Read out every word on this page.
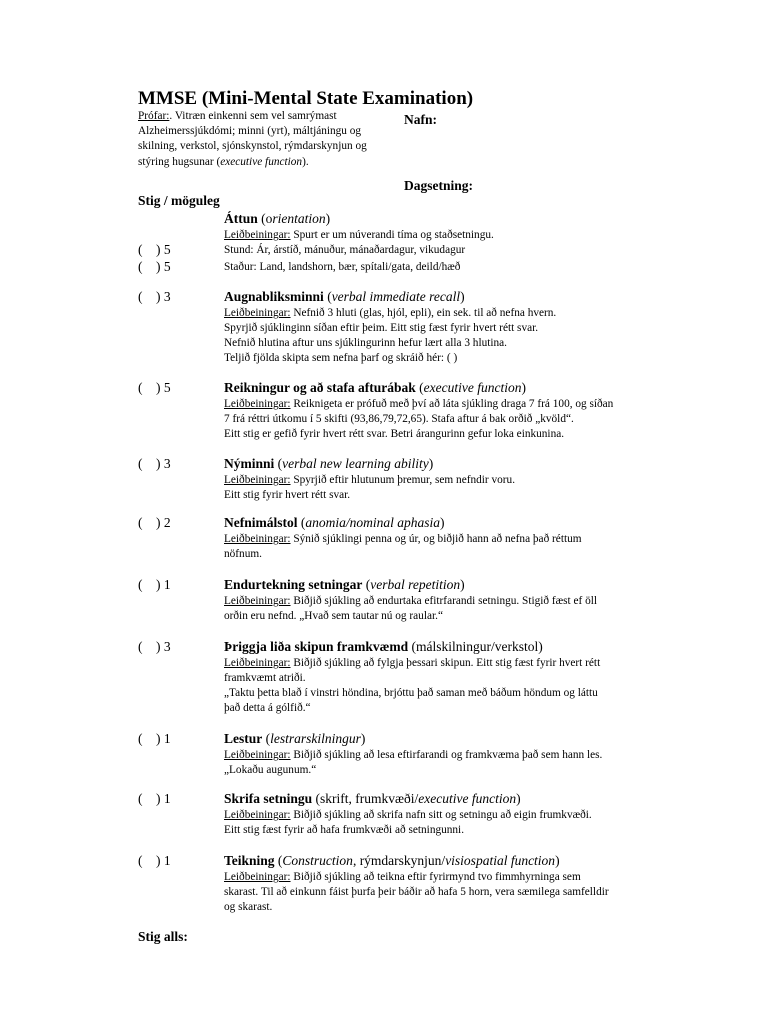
MMSE (Mini-Mental State Examination)
Prófar:. Vitræn einkenni sem vel samrýmast Alzheimerssjúkdómi; minni (yrt), máltjáningu og skilning, verkstol, sjónskynstol, rýmdarskynjun og stýring hugsunar (executive function).
Nafn:
Dagsetning:
Stig / möguleg
Áttun (orientation)
Leiðbeiningar: Spurt er um núverandi tíma og staðsetningu.
(    ) 5	Stund: Ár, árstíð, mánuður, mánaðardagur, vikudagur
(    ) 5	Staður: Land, landshorn, bær, spítali/gata, deild/hæð
(    ) 3	Augnabliksminni (verbal immediate recall)
Leiðbeiningar: Nefnið 3 hluti (glas, hjól, epli), ein sek. til að nefna hvern.
Spyrjið sjúklinginn síðan eftir þeim. Eitt stig fæst fyrir hvert rétt svar.
Nefnið hlutina aftur uns sjúklingurinn hefur lært alla 3 hlutina.
Teljið fjölda skipta sem nefna þarf og skráið hér: ( )
(    ) 5	Reikningur og að stafa afturábak (executive function)
Leiðbeiningar: Reiknigeta er prófuð með því að láta sjúkling draga 7 frá 100, og síðan
7 frá réttri útkomu í 5 skifti (93,86,79,72,65). Stafa aftur á bak orðið „kvöld“.
Eitt stig er gefið fyrir hvert rétt svar. Betri árangurinn gefur loka einkunina.
(    ) 3	Nýminni (verbal new learning ability)
Leiðbeiningar: Spyrjið eftir hlutunum þremur, sem nefndir voru.
Eitt stig fyrir hvert rétt svar.
(    ) 2	Nefnimálstol (anomia/nominal aphasia)
Leiðbeiningar: Sýnið sjúklingi penna og úr, og biðjið hann að nefna það réttum
nöfnum.
(    ) 1	Endurtekning setningar (verbal repetition)
Leiðbeiningar: Biðjið sjúkling að endurtaka efitrfarandi setningu. Stigið fæst ef öll
orðin eru nefnd. „Hvað sem tautar nú og raular.“
(    ) 3	Þriggja liða skipun framkvæmd (málskilningur/verkstol)
Leiðbeiningar: Biðjið sjúkling að fylgja þessari skipun. Eitt stig fæst fyrir hvert rétt
framkvæmt atriði.
„Taktu þetta blað í vinstri höndina, brjóttu það saman með báðum höndum og láttu
það detta á gólfið.“
(    ) 1	Lestur (lestrarskilningur)
Leiðbeiningar: Biðjið sjúkling að lesa eftirfarandi og framkvæma það sem hann les.
„Lokaðu augunum.“
(    ) 1	Skrifa setningu (skrift, frumkvæði/executive function)
Leiðbeiningar: Biðjið sjúkling að skrifa nafn sitt og setningu að eigin frumkvæði.
Eitt stig fæst fyrir að hafa frumkvæði að setningunni.
(    ) 1	Teikning (Construction, rýmdarskynjun/visiospatial function)
Leiðbeiningar: Biðjið sjúkling að teikna eftir fyrirmynd tvo fimmhyrninga sem
skarast. Til að einkunn fáist þurfa þeir báðir að hafa 5 horn, vera sæmilega samfelldir
og skarast.
Stig alls:
